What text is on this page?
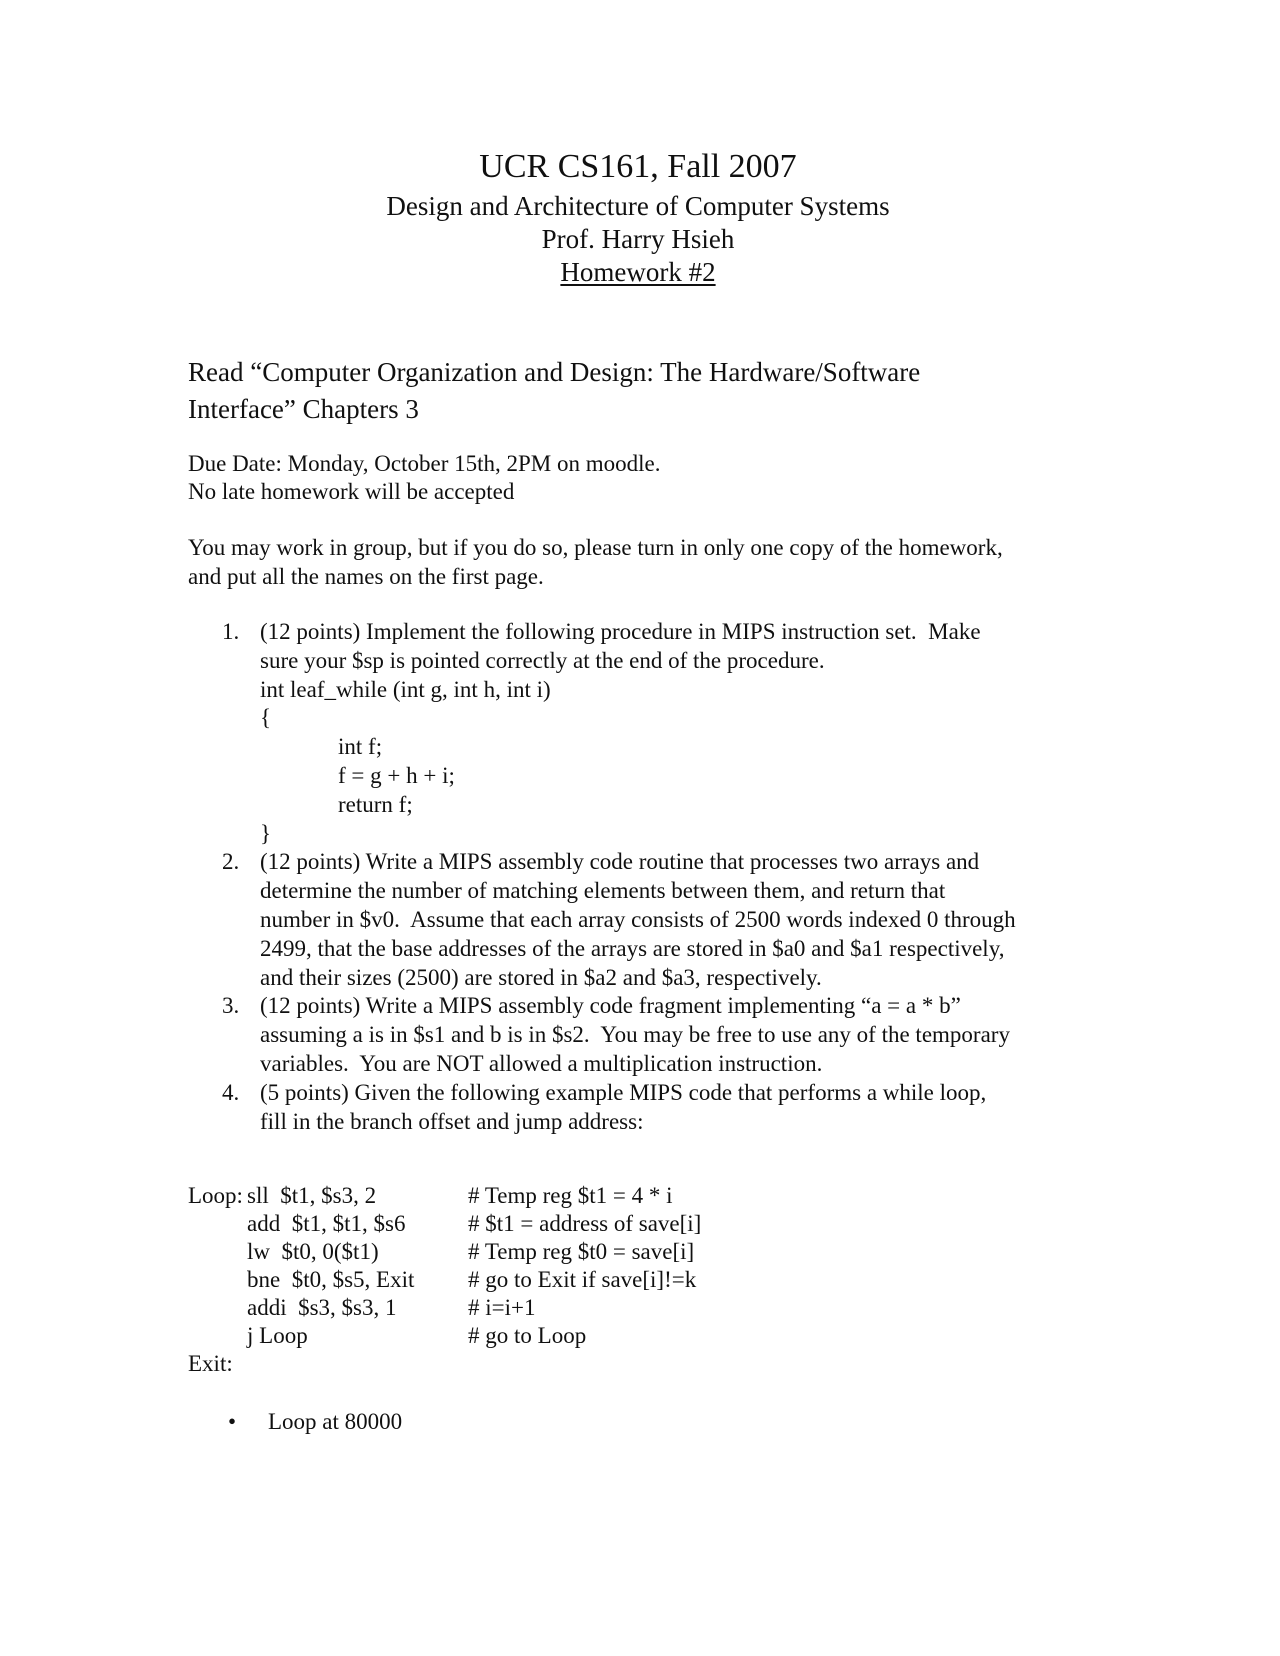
UCR CS161, Fall 2007
Design and Architecture of Computer Systems
Prof. Harry Hsieh
Homework #2
Read “Computer Organization and Design: The Hardware/Software
Interface” Chapters 3
Due Date: Monday, October 15th, 2PM on moodle.
No late homework will be accepted
You may work in group, but if you do so, please turn in only one copy of the homework,
and put all the names on the first page.
1. (12 points) Implement the following procedure in MIPS instruction set.  Make
sure your $sp is pointed correctly at the end of the procedure.
int leaf_while (int g, int h, int i)
{
int f;
f = g + h + i;
return f;
}
2. (12 points) Write a MIPS assembly code routine that processes two arrays and
determine the number of matching elements between them, and return that
number in $v0.  Assume that each array consists of 2500 words indexed 0 through
2499, that the base addresses of the arrays are stored in $a0 and $a1 respectively,
and their sizes (2500) are stored in $a2 and $a3, respectively.
3. (12 points) Write a MIPS assembly code fragment implementing “a = a * b”
assuming a is in $s1 and b is in $s2.  You may be free to use any of the temporary
variables.  You are NOT allowed a multiplication instruction.
4. (5 points) Given the following example MIPS code that performs a while loop,
fill in the branch offset and jump address:
Loop: sll  $t1, $s3, 2	# Temp reg $t1 = 4 * i
add  $t1, $t1, $s6	# $t1 = address of save[i]
lw  $t0, 0($t1)	# Temp reg $t0 = save[i]
bne  $t0, $s5, Exit # go to Exit if save[i]!=k
addi  $s3, $s3, 1	# i=i+1
j Loop	# go to Loop
Exit:
• Loop at 80000
